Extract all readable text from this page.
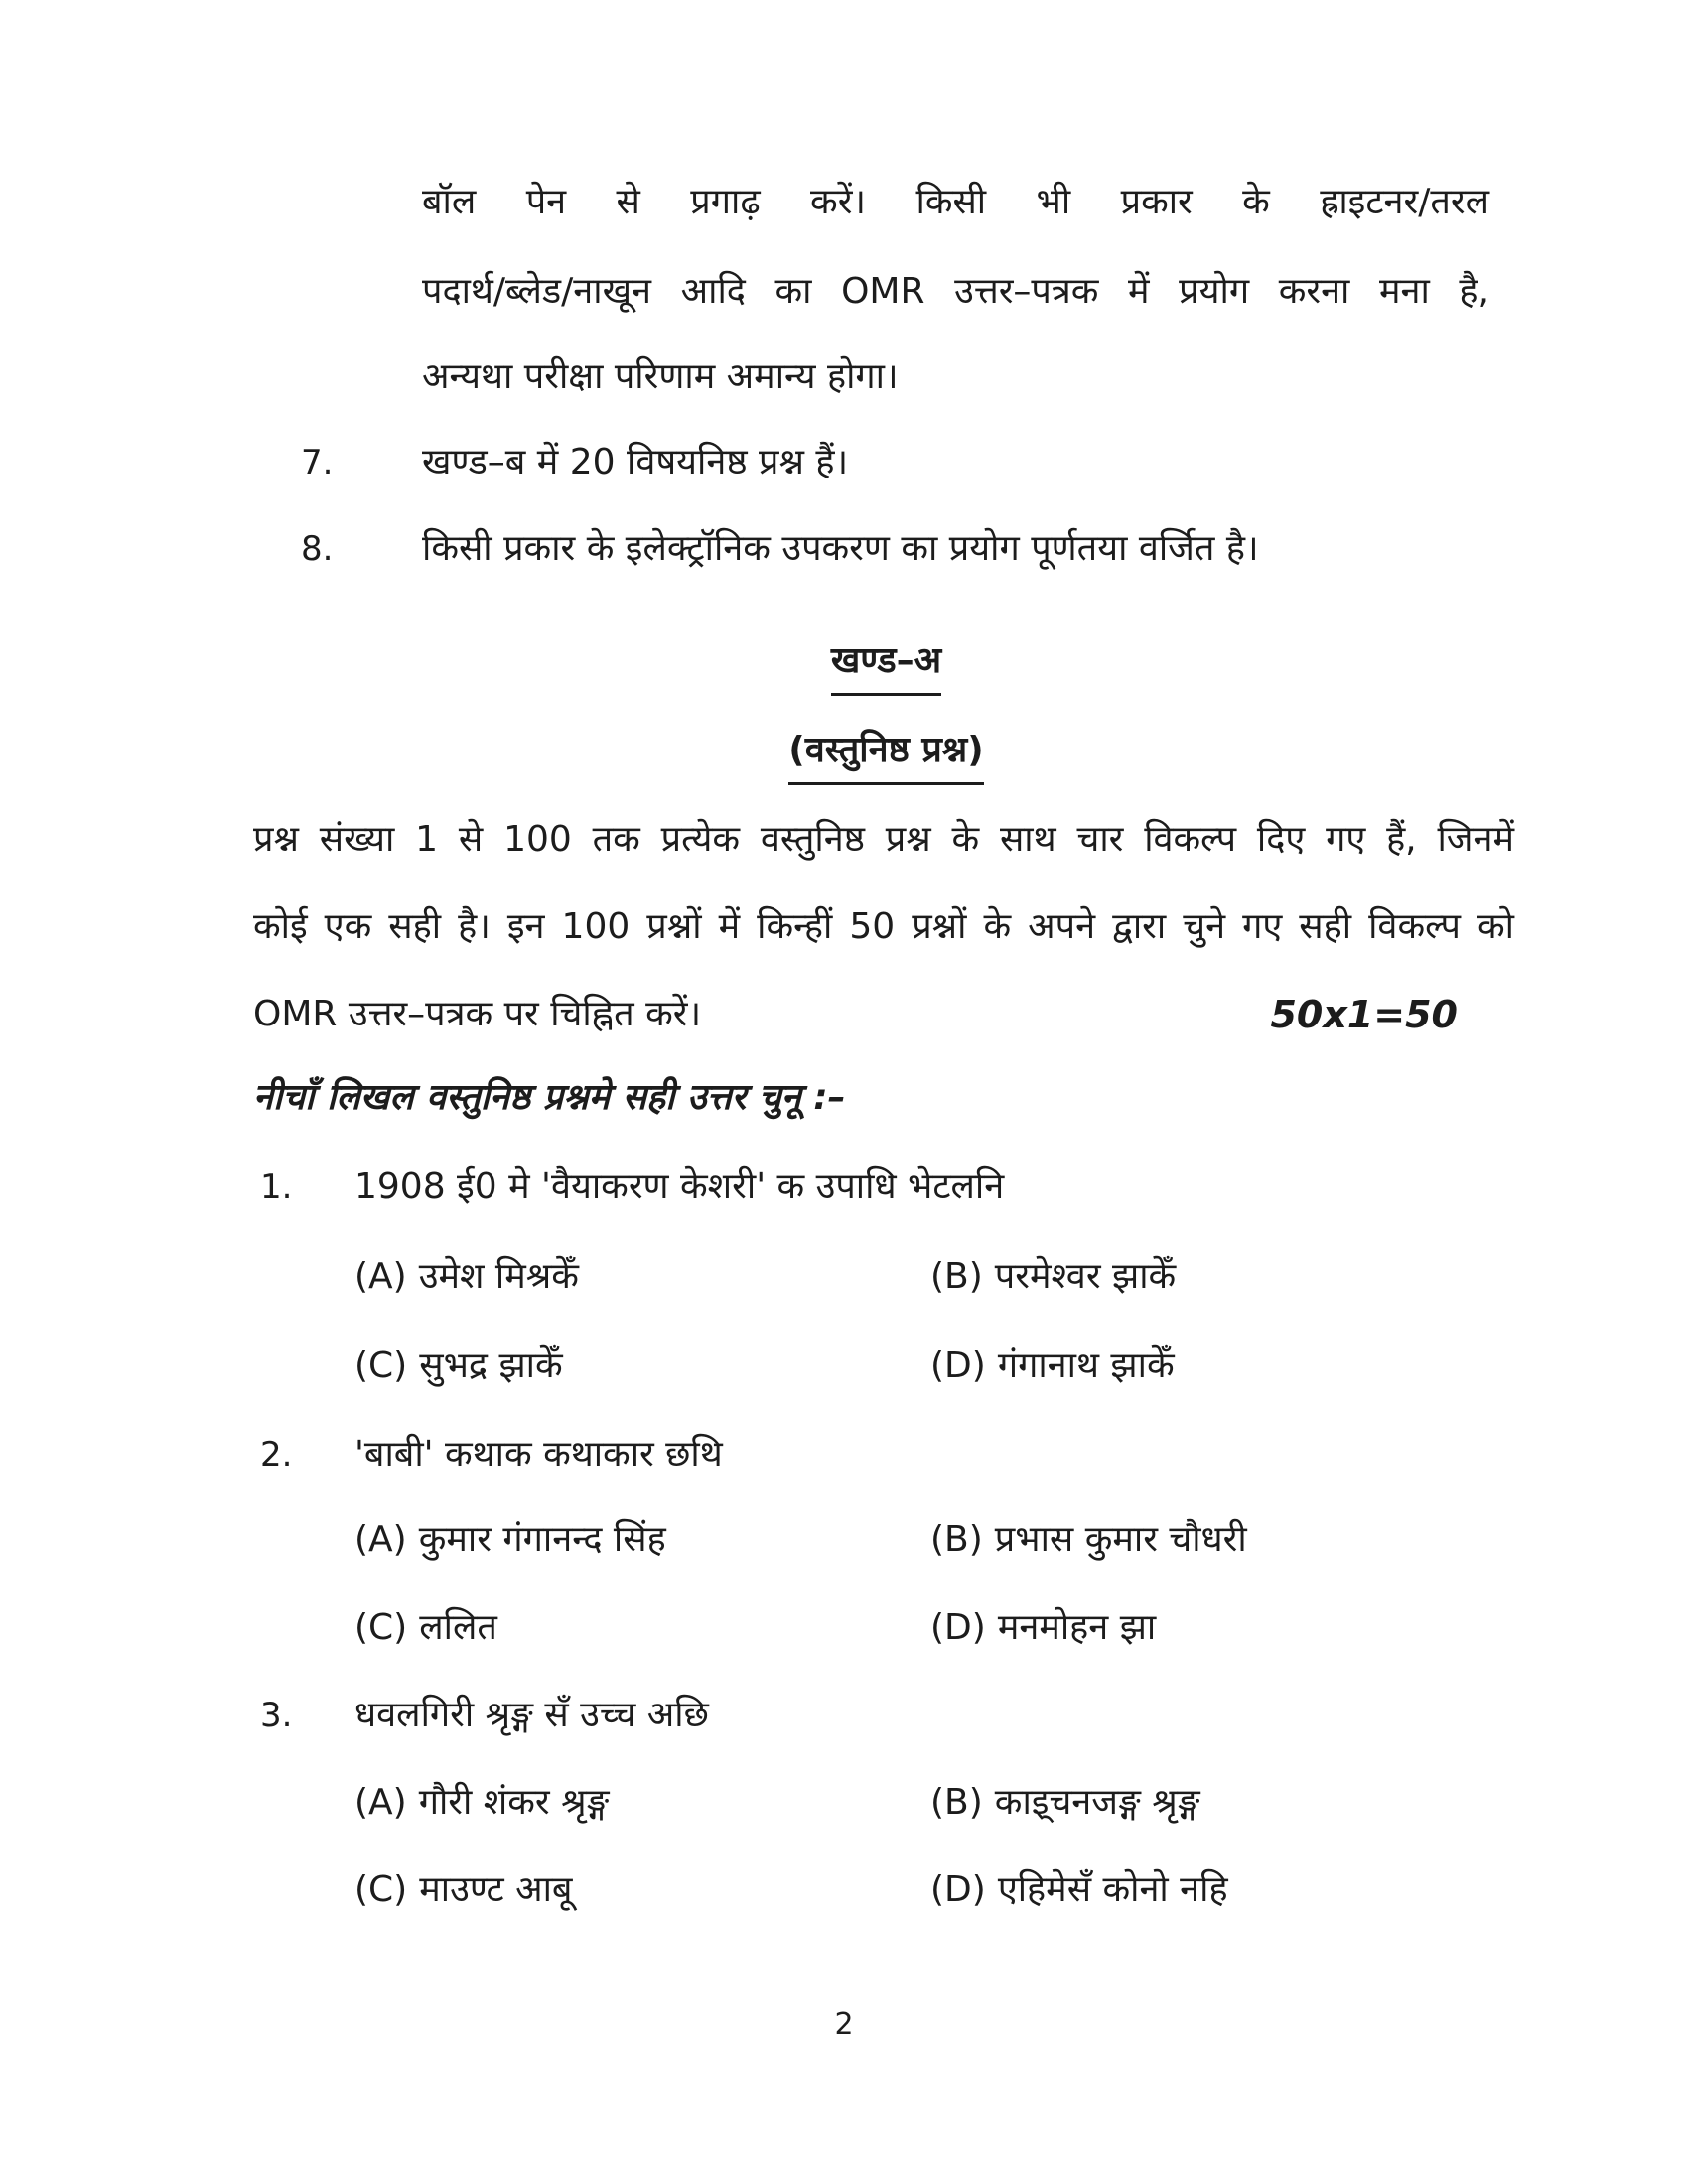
बॉल पेन से प्रगाढ़ करें। किसी भी प्रकार के ह्राइटनर/तरल
पदार्थ/ब्लेड/नाखून आदि का OMR उत्तर–पत्रक में प्रयोग करना मना है,
अन्यथा परीक्षा परिणाम अमान्य होगा।
7. खण्ड–ब में 20 विषयनिष्ठ प्रश्न हैं।
8. किसी प्रकार के इलेक्ट्रॉनिक उपकरण का प्रयोग पूर्णतया वर्जित है।
खण्ड–अ
(वस्तुनिष्ठ प्रश्न)
प्रश्न संख्या 1 से 100 तक प्रत्येक वस्तुनिष्ठ प्रश्न के साथ चार विकल्प दिए गए हैं, जिनमें
कोई एक सही है। इन 100 प्रश्नों में किन्हीं 50 प्रश्नों के अपने द्वारा चुने गए सही विकल्प को
OMR उत्तर–पत्रक पर चिह्नित करें।	50x1=50
नीचाँ लिखल वस्तुनिष्ठ प्रश्नमे सही उत्तर चुनू :–
1. 1908 ई0 मे 'वैयाकरण केशरी' क उपाधि भेटलनि
(A) उमेश मिश्रकेँ	(B) परमेश्वर झाकेँ
(C) सुभद्र झाकेँ	(D) गंगानाथ झाकेँ
2. 'बाबी' कथाक कथाकार छथि
(A) कुमार गंगानन्द सिंह	(B) प्रभास कुमार चौधरी
(C) ललित	(D) मनमोहन झा
3. धवलगिरी श्रृङ्ग सँ उच्च अछि
(A) गौरी शंकर श्रृङ्ग	(B) काइ्चनजङ्ग श्रृङ्ग
(C) माउण्ट आबू	(D) एहिमेसँ कोनो नहि
2
